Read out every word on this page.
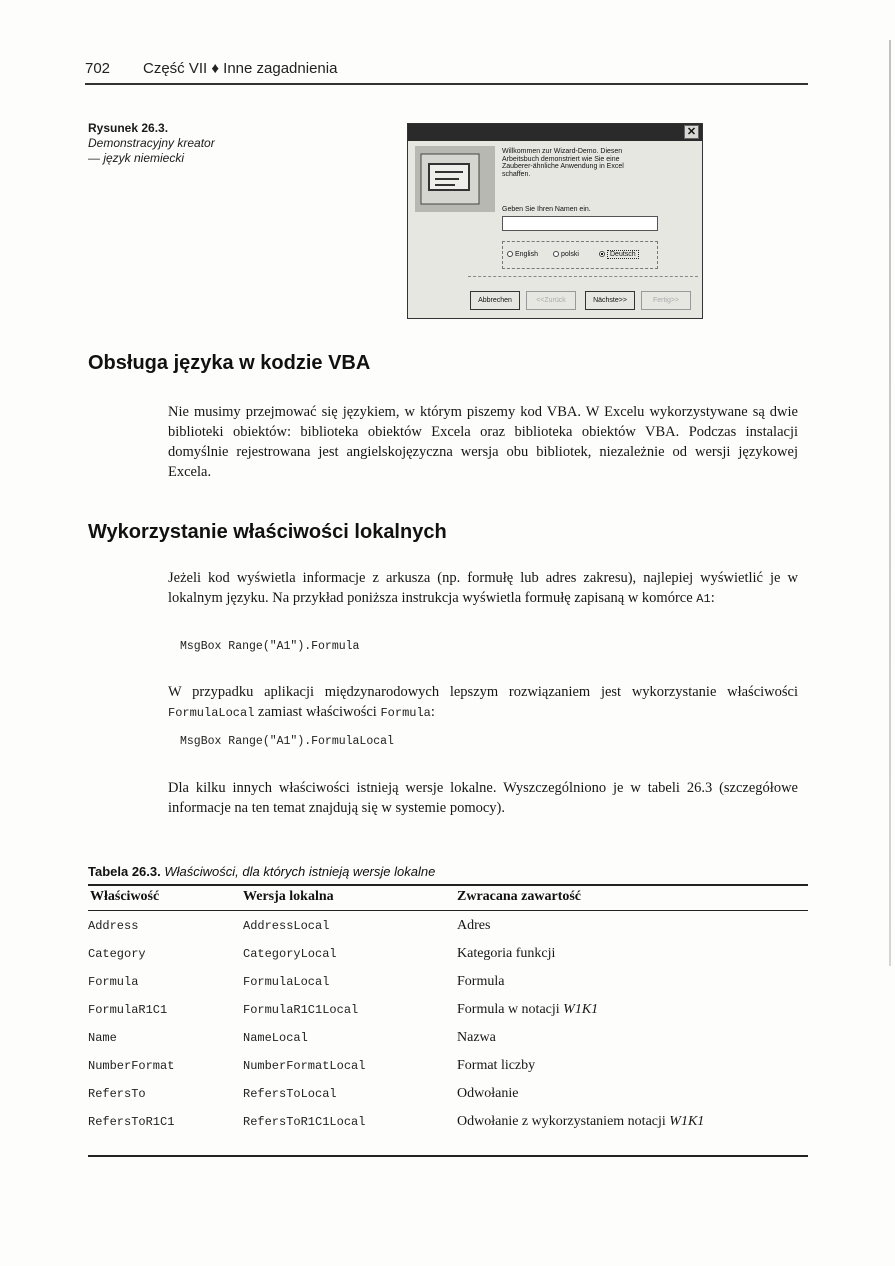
702 Część VII ♦ Inne zagadnienia
Rysunek 26.3.
Demonstracyjny kreator
— język niemiecki
✕
Willkommen zur Wizard-Demo. Diesen Arbeitsbuch demonstriert wie Sie eine Zauberer-ähnliche Anwendung in Excel schaffen.
Geben Sie Ihren Namen ein.
English	polski	Deutsch
Abbrechen	<<Zurück	Nächste>>	Fertig>>
Obsługa języka w kodzie VBA
Nie musimy przejmować się językiem, w którym piszemy kod VBA. W Excelu wykorzystywane są dwie biblioteki obiektów: biblioteka obiektów Excela oraz biblioteka obiektów VBA. Podczas instalacji domyślnie rejestrowana jest angielskojęzyczna wersja obu bibliotek, niezależnie od wersji językowej Excela.
Wykorzystanie właściwości lokalnych
Jeżeli kod wyświetla informacje z arkusza (np. formułę lub adres zakresu), najlepiej wyświetlić je w lokalnym języku. Na przykład poniższa instrukcja wyświetla formułę zapisaną w komórce A1:
MsgBox Range("A1").Formula
W przypadku aplikacji międzynarodowych lepszym rozwiązaniem jest wykorzystanie właściwości FormulaLocal zamiast właściwości Formula:
MsgBox Range("A1").FormulaLocal
Dla kilku innych właściwości istnieją wersje lokalne. Wyszczególniono je w tabeli 26.3 (szczegółowe informacje na ten temat znajdują się w systemie pomocy).
Tabela 26.3. Właściwości, dla których istnieją wersje lokalne
Właściwość	Wersja lokalna	Zwracana zawartość
Address	AddressLocal	Adres
Category	CategoryLocal	Kategoria funkcji
Formula	FormulaLocal	Formula
FormulaR1C1	FormulaR1C1Local	Formula w notacji W1K1
Name	NameLocal	Nazwa
NumberFormat	NumberFormatLocal	Format liczby
RefersTo	RefersToLocal	Odwołanie
RefersToR1C1	RefersToR1C1Local	Odwołanie z wykorzystaniem notacji W1K1
